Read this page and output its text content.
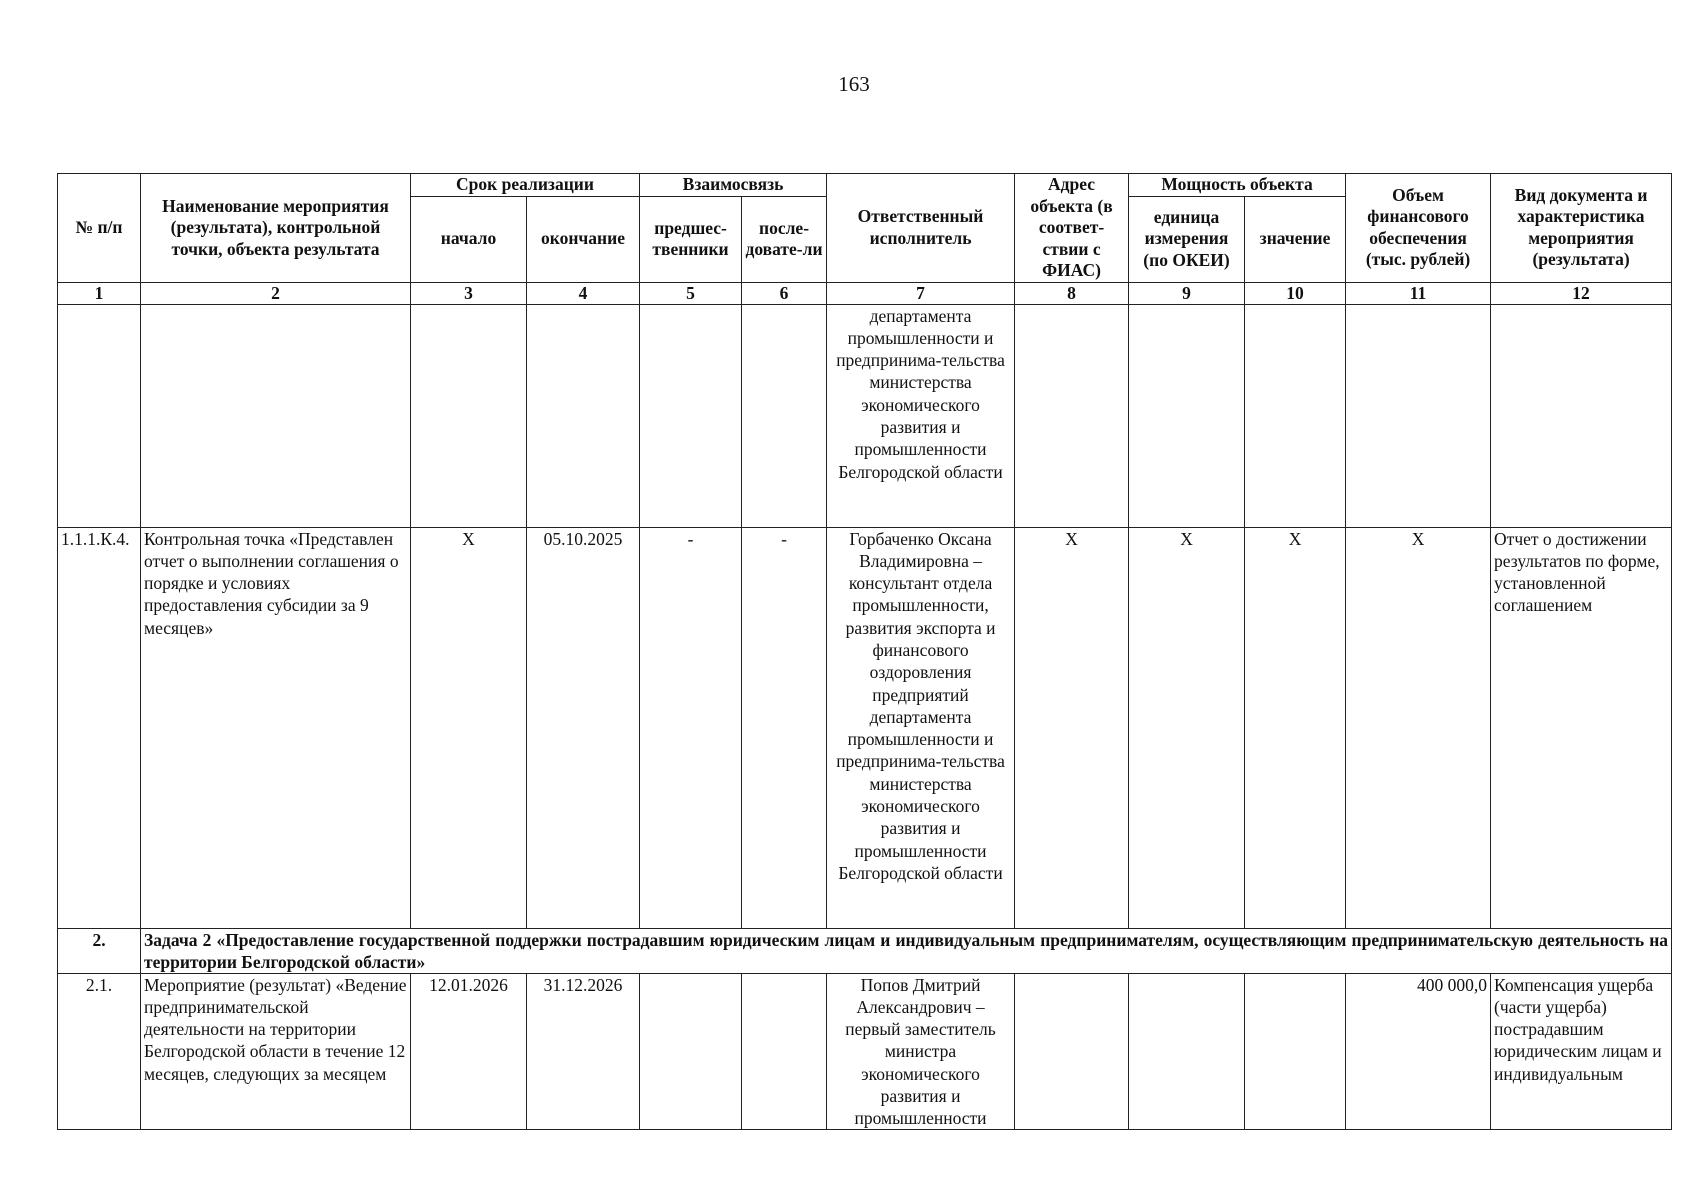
163
№ п/п	Наименование мероприятия (результата), контрольной точки, объекта результата	Срок реализации		Взаимосвязь		Ответственный исполнитель	Адрес объекта (в соответ-ствии с ФИАС)	Мощность объекта		Объем финансового обеспечения (тыс. рублей)	Вид документа и характеристика мероприятия (результата)
		начало	окончание	предшес-твенники	после-довате-ли			единица измерения (по ОКЕИ)	значение		
1	2	3	4	5	6	7	8	9	10	11	12
						департамента промышленности и предпринима-тельства министерства экономического развития и промышленности Белгородской области					
1.1.1.К.4.	Контрольная точка «Представлен отчет о выполнении соглашения о порядке и условиях предоставления субсидии за 9 месяцев»	X	05.10.2025	-	-	Горбаченко Оксана Владимировна – консультант отдела промышленности, развития экспорта и финансового оздоровления предприятий департамента промышленности и предпринима-тельства министерства экономического развития и промышленности Белгородской области	X	X	X	X	Отчет о достижении результатов по форме, установленной соглашением
2.	Задача 2 «Предоставление государственной поддержки пострадавшим юридическим лицам и индивидуальным предпринимателям, осуществляющим предпринимательскую деятельность на территории Белгородской области»										

2.1.	Мероприятие (результат) «Ведение предпринимательской деятельности на территории Белгородской области в течение 12 месяцев, следующих за месяцем	12.01.2026	31.12.2026			Попов Дмитрий Александрович – первый заместитель министра экономического развития и промышленности				400 000,0	Компенсация ущерба (части ущерба) пострадавшим юридическим лицам и индивидуальным
